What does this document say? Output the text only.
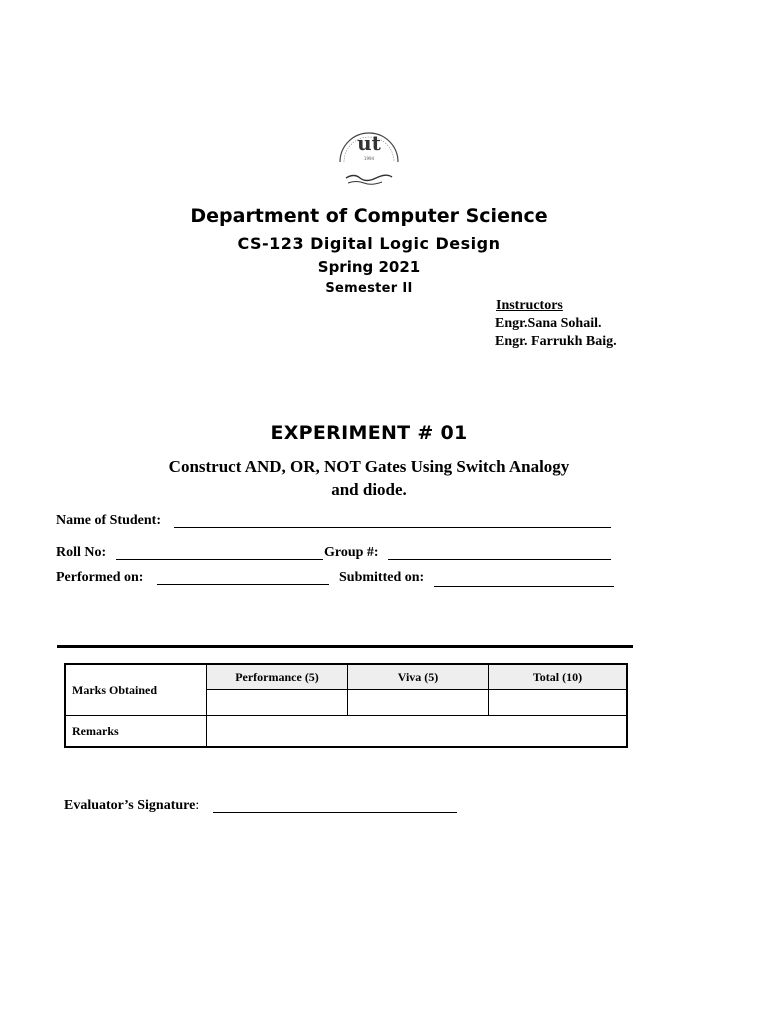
ut
1994
Department of Computer Science
CS-123 Digital Logic Design
Spring 2021
Semester II
Instructors
Engr.Sana Sohail.
Engr. Farrukh Baig.
EXPERIMENT # 01
Construct AND, OR, NOT Gates Using Switch Analogy
and diode.
Name of Student:
Roll No:	Group #:
Performed on:	Submitted on:
Marks Obtained	Performance (5)	Viva (5)	Total (10)

Remarks			
Evaluator’s Signature:
